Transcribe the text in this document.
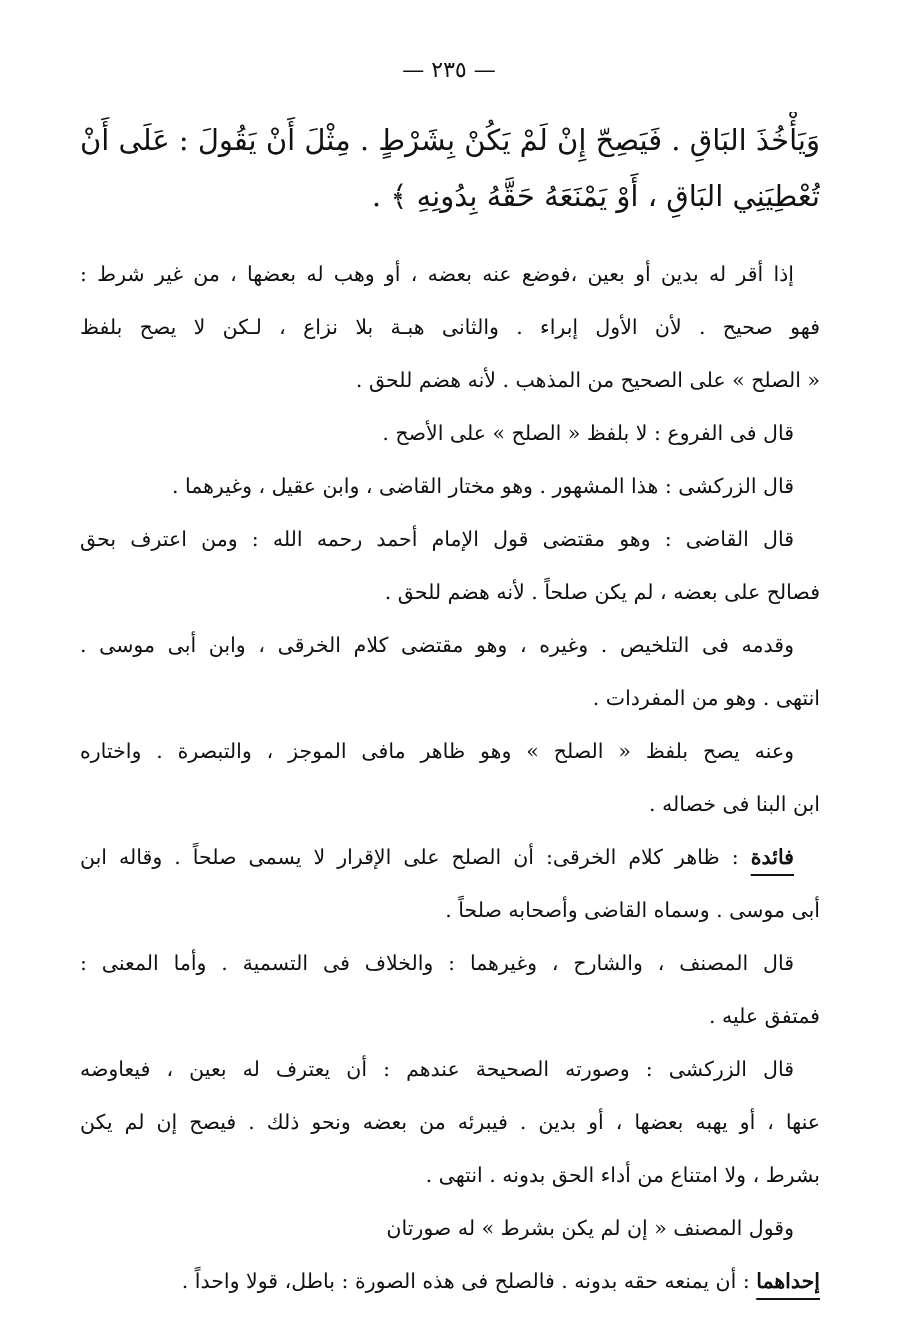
— ٢٣٥ —
وَيَأْخُذَ البَاقِ . فَيَصِحّ إِنْ لَمْ يَكُنْ بِشَرْطٍ . مِثْلَ أَنْ يَقُولَ : عَلَى أَنْ
تُعْطِيَنِي البَاقِ ، أَوْ يَمْنَعَهُ حَقَّهُ بِدُونِهِ ﴾ .
إذا أقر له بدين أو بعين ،فوضع عنه بعضه ، أو وهب له بعضها ، من غير شرط :
فهو صحيح . لأن الأول إبراء . والثانى هبـة بلا نزاع ، لـكن لا يصح بلفظ
« الصلح » على الصحيح من المذهب . لأنه هضم للحق .
قال فى الفروع : لا بلفظ « الصلح » على الأصح .
قال الزركشى : هذا المشهور . وهو مختار القاضى ، وابن عقيل ، وغيرهما .
قال القاضى : وهو مقتضى قول الإمام أحمد رحمه الله : ومن اعترف بحق
فصالح على بعضه ، لم يكن صلحاً . لأنه هضم للحق .
وقدمه فى التلخيص . وغيره ، وهو مقتضى كلام الخرقى ، وابن أبى موسى .
انتهى . وهو من المفردات .
وعنه يصح بلفظ « الصلح » وهو ظاهر مافى الموجز ، والتبصرة . واختاره
ابن البنا فى خصاله .
فائدة : ظاهر كلام الخرقى: أن الصلح على الإقرار لا يسمى صلحاً . وقاله ابن
أبى موسى . وسماه القاضى وأصحابه صلحاً .
قال المصنف ، والشارح ، وغيرهما : والخلاف فى التسمية . وأما المعنى :
فمتفق عليه .
قال الزركشى : وصورته الصحيحة عندهم : أن يعترف له بعين ، فيعاوضه
عنها ، أو يهبه بعضها ، أو بدين . فيبرئه من بعضه ونحو ذلك . فيصح إن لم يكن
بشرط ، ولا امتناع من أداء الحق بدونه . انتهى .
وقول المصنف « إن لم يكن بشرط » له صورتان
إحداهما : أن يمنعه حقه بدونه . فالصلح فى هذه الصورة : باطل، قولا واحداً .
